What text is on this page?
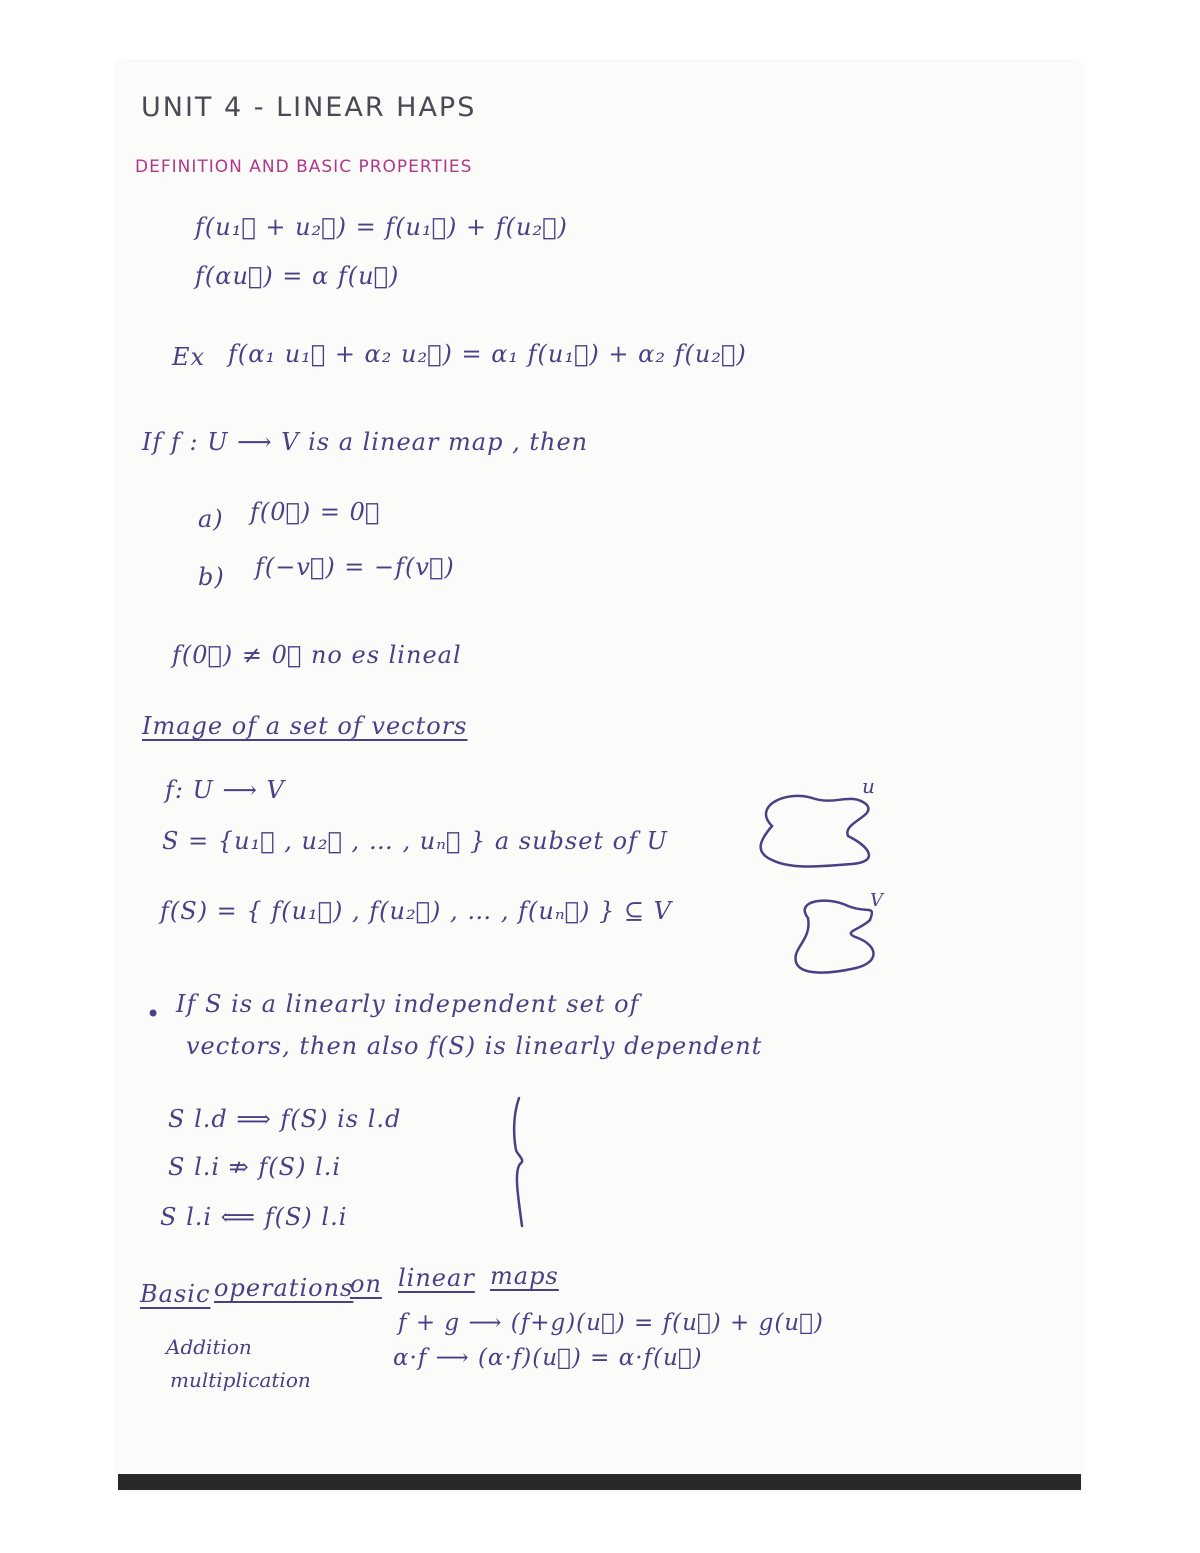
UNIT 4 - LINEAR HAPS
DEFINITION AND BASIC PROPERTIES
f(u₁⃗ + u₂⃗) = f(u₁⃗) + f(u₂⃗)
f(αu⃗) = α f(u⃗)
Ex f(α₁ u₁⃗ + α₂ u₂⃗) = α₁ f(u₁⃗) + α₂ f(u₂⃗)
If f : U ⟶ V is a linear map , then
a) f(0⃗) = 0⃗
b) f(−v⃗) = −f(v⃗)
f(0⃗) ≠ 0⃗ no es lineal
Image of a set of vectors
f: U ⟶ V
S = {u₁⃗ , u₂⃗ , … , uₙ⃗ } a subset of U
f(S) = { f(u₁⃗) , f(u₂⃗) , … , f(uₙ⃗) } ⊆ V
u
V
• If S is a linearly independent set of
vectors, then also f(S) is linearly dependent
S l.d ⟹ f(S) is l.d
S l.i ⇏ f(S) l.i
S l.i ⟸ f(S) l.i
Basic operations
on linear maps
Addition
f + g ⟶ (f+g)(u⃗) = f(u⃗) + g(u⃗)
multiplication
α·f ⟶ (α·f)(u⃗) = α·f(u⃗)
